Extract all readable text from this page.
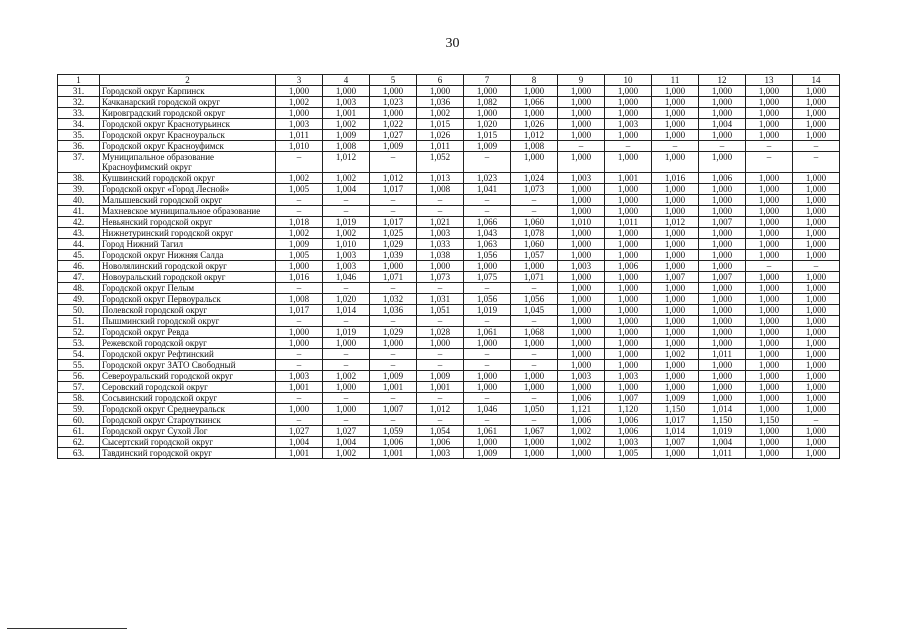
30
1	2	3	4	5	6	7	8	9	10	11	12	13	14
31.	Городской округ Карпинск	1,000	1,000	1,000	1,000	1,000	1,000	1,000	1,000	1,000	1,000	1,000	1,000
32.	Качканарский городской округ	1,002	1,003	1,023	1,036	1,082	1,066	1,000	1,000	1,000	1,000	1,000	1,000
33.	Кировградский городской округ	1,000	1,001	1,000	1,002	1,000	1,000	1,000	1,000	1,000	1,000	1,000	1,000
34.	Городской округ Краснотурьинск	1,003	1,002	1,022	1,015	1,020	1,026	1,000	1,003	1,000	1,004	1,000	1,000
35.	Городской округ Красноуральск	1,011	1,009	1,027	1,026	1,015	1,012	1,000	1,000	1,000	1,000	1,000	1,000
36.	Городской округ Красноуфимск	1,010	1,008	1,009	1,011	1,009	1,008	–	–	–	–	–	–
37.	Муниципальное образование Красноуфимский округ	–	1,012	–	1,052	–	1,000	1,000	1,000	1,000	1,000	–	–
38.	Кушвинский городской округ	1,002	1,002	1,012	1,013	1,023	1,024	1,003	1,001	1,016	1,006	1,000	1,000
39.	Городской округ «Город Лесной»	1,005	1,004	1,017	1,008	1,041	1,073	1,000	1,000	1,000	1,000	1,000	1,000
40.	Малышевский городской округ	–	–	–	–	–	–	1,000	1,000	1,000	1,000	1,000	1,000
41.	Махневское муниципальное образование	–	–	–	–	–	–	1,000	1,000	1,000	1,000	1,000	1,000
42.	Невьянский городской округ	1,018	1,019	1,017	1,021	1,066	1,060	1,010	1,011	1,012	1,007	1,000	1,000
43.	Нижнетуринский городской округ	1,002	1,002	1,025	1,003	1,043	1,078	1,000	1,000	1,000	1,000	1,000	1,000
44.	Город Нижний Тагил	1,009	1,010	1,029	1,033	1,063	1,060	1,000	1,000	1,000	1,000	1,000	1,000
45.	Городской округ Нижняя Салда	1,005	1,003	1,039	1,038	1,056	1,057	1,000	1,000	1,000	1,000	1,000	1,000
46.	Новолялинский городской округ	1,000	1,003	1,000	1,000	1,000	1,000	1,003	1,006	1,000	1,000	–	–
47.	Новоуральский городской округ	1,016	1,046	1,071	1,073	1,075	1,071	1,000	1,000	1,007	1,007	1,000	1,000
48.	Городской округ Пелым	–	–	–	–	–	–	1,000	1,000	1,000	1,000	1,000	1,000
49.	Городской округ Первоуральск	1,008	1,020	1,032	1,031	1,056	1,056	1,000	1,000	1,000	1,000	1,000	1,000
50.	Полевской городской округ	1,017	1,014	1,036	1,051	1,019	1,045	1,000	1,000	1,000	1,000	1,000	1,000
51.	Пышминский городской округ	–	–	–	–	–	–	1,000	1,000	1,000	1,000	1,000	1,000
52.	Городской округ Ревда	1,000	1,019	1,029	1,028	1,061	1,068	1,000	1,000	1,000	1,000	1,000	1,000
53.	Режевской городской округ	1,000	1,000	1,000	1,000	1,000	1,000	1,000	1,000	1,000	1,000	1,000	1,000
54.	Городской округ Рефтинский	–	–	–	–	–	–	1,000	1,000	1,002	1,011	1,000	1,000
55.	Городской округ ЗАТО Свободный	–	–	–	–	–	–	1,000	1,000	1,000	1,000	1,000	1,000
56.	Североуральский городской округ	1,003	1,002	1,009	1,009	1,000	1,000	1,003	1,003	1,000	1,000	1,000	1,000
57.	Серовский городской округ	1,001	1,000	1,001	1,001	1,000	1,000	1,000	1,000	1,000	1,000	1,000	1,000
58.	Сосьвинский городской округ	–	–	–	–	–	–	1,006	1,007	1,009	1,000	1,000	1,000
59.	Городской округ Среднеуральск	1,000	1,000	1,007	1,012	1,046	1,050	1,121	1,120	1,150	1,014	1,000	1,000
60.	Городской округ Староуткинск	–	–	–	–	–	–	1,006	1,006	1,017	1,150	1,150	–
61.	Городской округ Сухой Лог	1,027	1,027	1,059	1,054	1,061	1,067	1,002	1,006	1,014	1,019	1,000	1,000
62.	Сысертский городской округ	1,004	1,004	1,006	1,006	1,000	1,000	1,002	1,003	1,007	1,004	1,000	1,000
63.	Тавдинский городской округ	1,001	1,002	1,001	1,003	1,009	1,000	1,000	1,005	1,000	1,011	1,000	1,000
